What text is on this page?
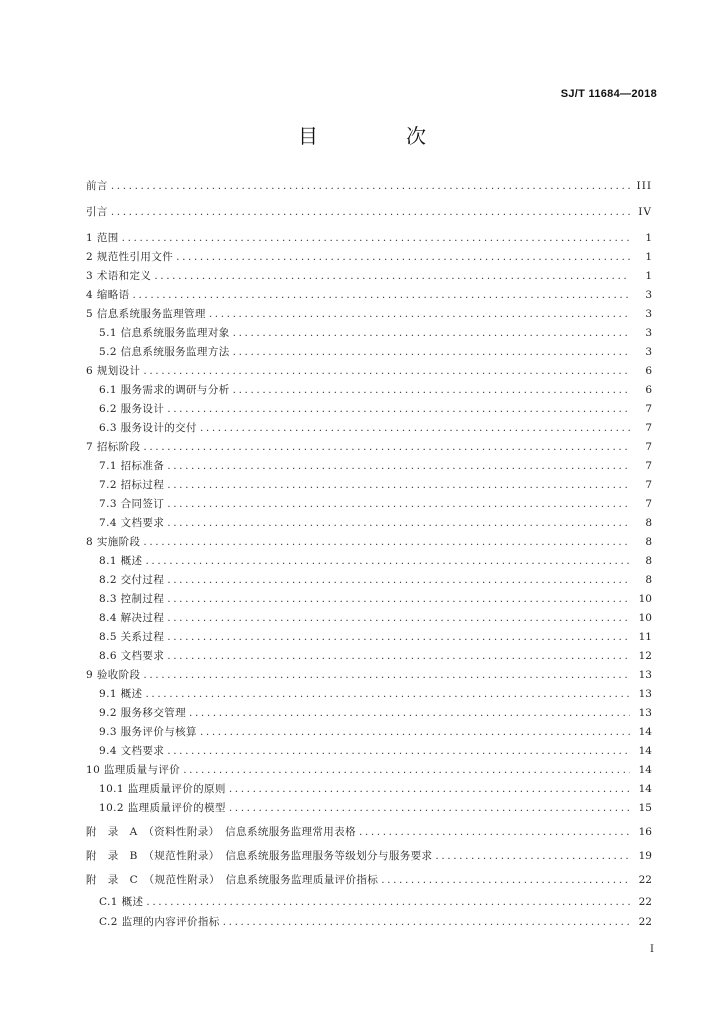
SJ/T 11684—2018
目　次
前言 .....	III
引言 .....	IV
1 范围 .....	1
2 规范性引用文件 .....	1
3 术语和定义 .....	1
4 缩略语 .....	3
5 信息系统服务监理管理 .....	3
5.1 信息系统服务监理对象 .....	3
5.2 信息系统服务监理方法 .....	3
6 规划设计 .....	6
6.1 服务需求的调研与分析 .....	6
6.2 服务设计 .....	7
6.3 服务设计的交付 .....	7
7 招标阶段 .....	7
7.1 招标准备 .....	7
7.2 招标过程 .....	7
7.3 合同签订 .....	7
7.4 文档要求 .....	8
8 实施阶段 .....	8
8.1 概述 .....	8
8.2 交付过程 .....	8
8.3 控制过程 .....	10
8.4 解决过程 .....	10
8.5 关系过程 .....	11
8.6 文档要求 .....	12
9 验收阶段 .....	13
9.1 概述 .....	13
9.2 服务移交管理 .....	13
9.3 服务评价与核算 .....	14
9.4 文档要求 .....	14
10 监理质量与评价 .....	14
10.1 监理质量评价的原则 .....	14
10.2 监理质量评价的模型 .....	15
附　录　A　（资料性附录）　信息系统服务监理常用表格 .....	16
附　录　B　（规范性附录）　信息系统服务监理服务等级划分与服务要求 .....	19
附　录　C　（规范性附录）　信息系统服务监理质量评价指标 .....	22
C.1 概述 .....	22
C.2 监理的内容评价指标 .....	22
I
